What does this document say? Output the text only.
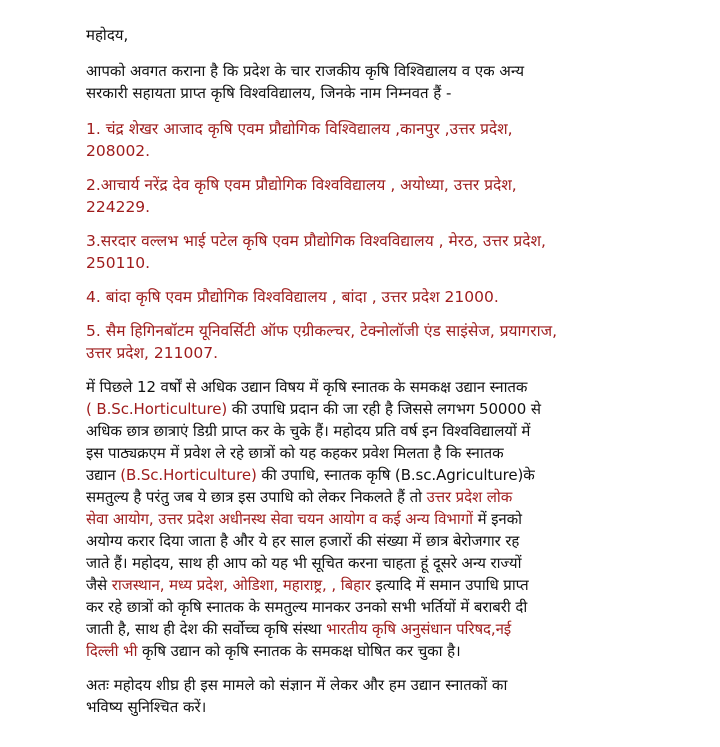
महोदय,
आपको अवगत कराना है कि प्रदेश के चार राजकीय कृषि विश्विद्यालय व एक अन्य
सरकारी सहायता प्राप्त कृषि विश्वविद्यालय, जिनके नाम निम्नवत हैं -
1. चंद्र शेखर आजाद कृषि एवम प्रौद्योगिक विश्विद्यालय ,कानपुर ,उत्तर प्रदेश,
208002.
2.आचार्य नरेंद्र देव कृषि एवम प्रौद्योगिक विश्वविद्यालय , अयोध्या, उत्तर प्रदेश,
224229.
3.सरदार वल्लभ भाई पटेल कृषि एवम प्रौद्योगिक विश्वविद्यालय , मेरठ, उत्तर प्रदेश,
250110.
4. बांदा कृषि एवम प्रौद्योगिक विश्वविद्यालय , बांदा , उत्तर प्रदेश 21000.
5. सैम हिगिनबॉटम यूनिवर्सिटी ऑफ एग्रीकल्चर, टेक्नोलॉजी एंड साइंसेज, प्रयागराज,
उत्तर प्रदेश, 211007.
में पिछले 12 वर्षों से अधिक उद्यान विषय में कृषि स्नातक के समकक्ष उद्यान स्नातक
( B.Sc.Horticulture) की उपाधि प्रदान की जा रही है जिससे लगभग 50000 से
अधिक छात्र छात्राएं डिग्री प्राप्त कर के चुके हैं। महोदय प्रति वर्ष इन विश्वविद्यालयों में
इस पाठ्यक्रएम में प्रवेश ले रहे छात्रों को यह कहकर प्रवेश मिलता है कि स्नातक
उद्यान (B.Sc.Horticulture) की उपाधि, स्नातक कृषि (B.sc.Agriculture)के
समतुल्य है परंतु जब ये छात्र इस उपाधि को लेकर निकलते हैं तो उत्तर प्रदेश लोक
सेवा आयोग, उत्तर प्रदेश अधीनस्थ सेवा चयन आयोग व कई अन्य विभागों में इनको
अयोग्य करार दिया जाता है और ये हर साल हजारों की संख्या में छात्र बेरोजगार रह
जाते हैं। महोदय, साथ ही आप को यह भी सूचित करना चाहता हूं दूसरे अन्य राज्यों
जैसे राजस्थान, मध्य प्रदेश, ओडिशा, महाराष्ट्र, , बिहार इत्यादि में समान उपाधि प्राप्त
कर रहे छात्रों को कृषि स्नातक के समतुल्य मानकर उनको सभी भर्तियों में बराबरी दी
जाती है, साथ ही देश की सर्वोच्च कृषि संस्था भारतीय कृषि अनुसंधान परिषद,नई
दिल्ली भी कृषि उद्यान को कृषि स्नातक के समकक्ष घोषित कर चुका है।
अतः महोदय शीघ्र ही इस मामले को संज्ञान में लेकर और हम उद्यान स्नातकों का
भविष्य सुनिश्चित करें।
